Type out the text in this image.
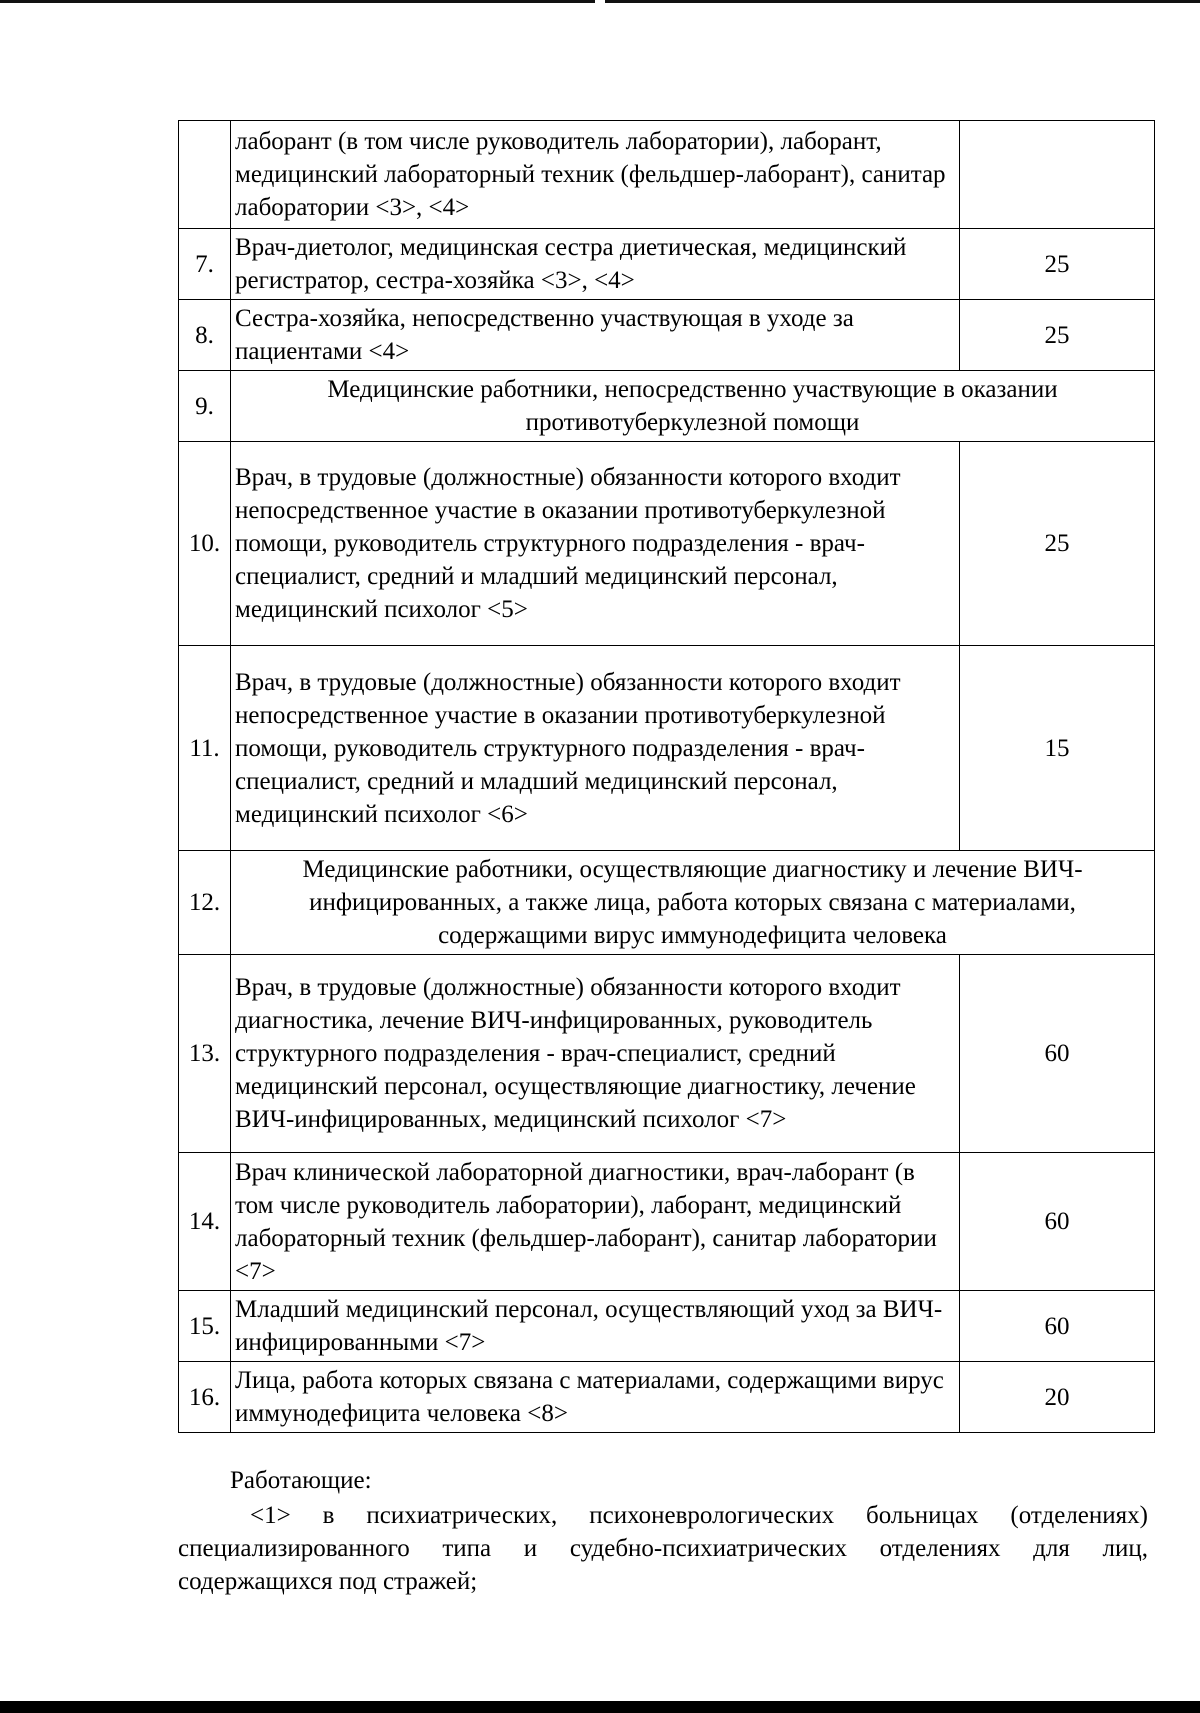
	лаборант (в том числе руководитель лаборатории), лаборант, медицинский лабораторный техник (фельдшер-лаборант), санитар лаборатории <3>, <4>	
7.	Врач-диетолог, медицинская сестра диетическая, медицинский регистратор, сестра-хозяйка <3>, <4>	25
8.	Сестра-хозяйка, непосредственно участвующая в уходе за пациентами <4>	25
9.	Медицинские работники, непосредственно участвующие в оказании противотуберкулезной помощи	
10.	Врач, в трудовые (должностные) обязанности которого входит непосредственное участие в оказании противотуберкулезной помощи, руководитель структурного подразделения - врач-специалист, средний и младший медицинский персонал, медицинский психолог <5>	25
11.	Врач, в трудовые (должностные) обязанности которого входит непосредственное участие в оказании противотуберкулезной помощи, руководитель структурного подразделения - врач-специалист, средний и младший медицинский персонал, медицинский психолог <6>	15
12.	Медицинские работники, осуществляющие диагностику и лечение ВИЧ-инфицированных, а также лица, работа которых связана с материалами, содержащими вирус иммунодефицита человека	
13.	Врач, в трудовые (должностные) обязанности которого входит диагностика, лечение ВИЧ-инфицированных, руководитель структурного подразделения - врач-специалист, средний медицинский персонал, осуществляющие диагностику, лечение ВИЧ-инфицированных, медицинский психолог <7>	60
14.	Врач клинической лабораторной диагностики, врач-лаборант (в том числе руководитель лаборатории), лаборант, медицинский лабораторный техник (фельдшер-лаборант), санитар лаборатории <7>	60
15.	Младший медицинский персонал, осуществляющий уход за ВИЧ-инфицированными <7>	60
16.	Лица, работа которых связана с материалами, содержащими вирус иммунодефицита человека <8>	20

Работающие:

<1> в психиатрических, психоневрологических больницах (отделениях) специализированного типа и судебно-психиатрических отделениях для лиц, содержащихся под стражей;
